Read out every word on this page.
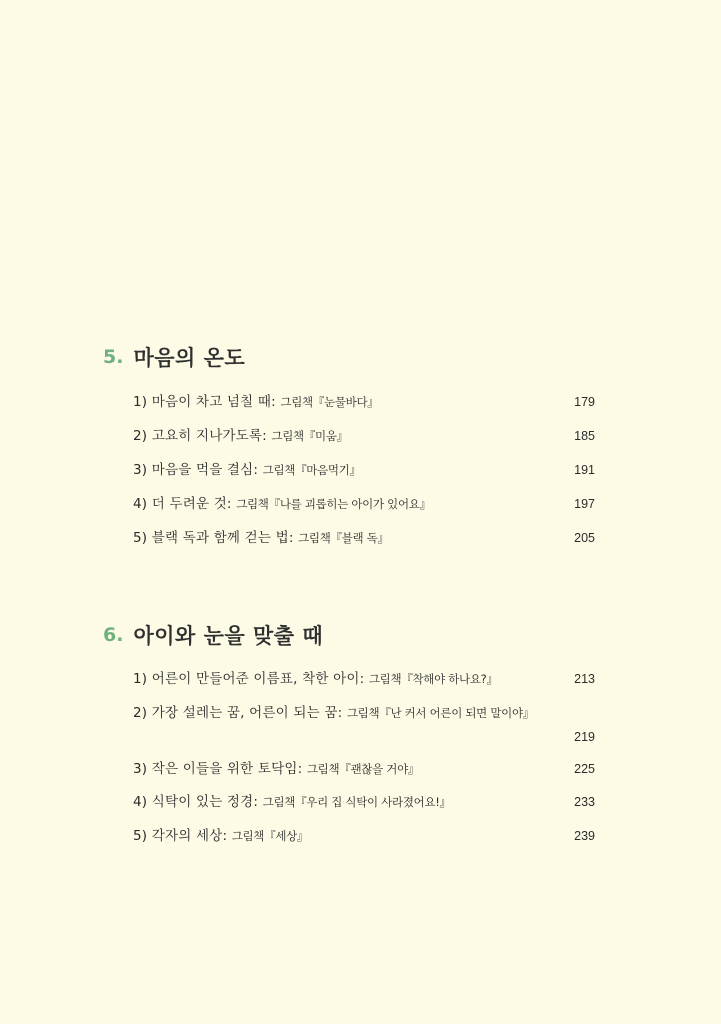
5. 마음의 온도
1) 마음이 차고 넘칠 때: 그림책『눈물바다』	179
2) 고요히 지나가도록: 그림책『미움』	185
3) 마음을 먹을 결심: 그림책『마음먹기』	191
4) 더 두려운 것: 그림책『나를 괴롭히는 아이가 있어요』	197
5) 블랙 독과 함께 걷는 법: 그림책『블랙 독』	205
6. 아이와 눈을 맞출 때
1) 어른이 만들어준 이름표, 착한 아이: 그림책『착해야 하나요?』	213
2) 가장 설레는 꿈, 어른이 되는 꿈: 그림책『난 커서 어른이 되면 말이야』
219
3) 작은 이들을 위한 토닥임: 그림책『괜찮을 거야』	225
4) 식탁이 있는 정경: 그림책『우리 집 식탁이 사라졌어요!』	233
5) 각자의 세상: 그림책『세상』	239
